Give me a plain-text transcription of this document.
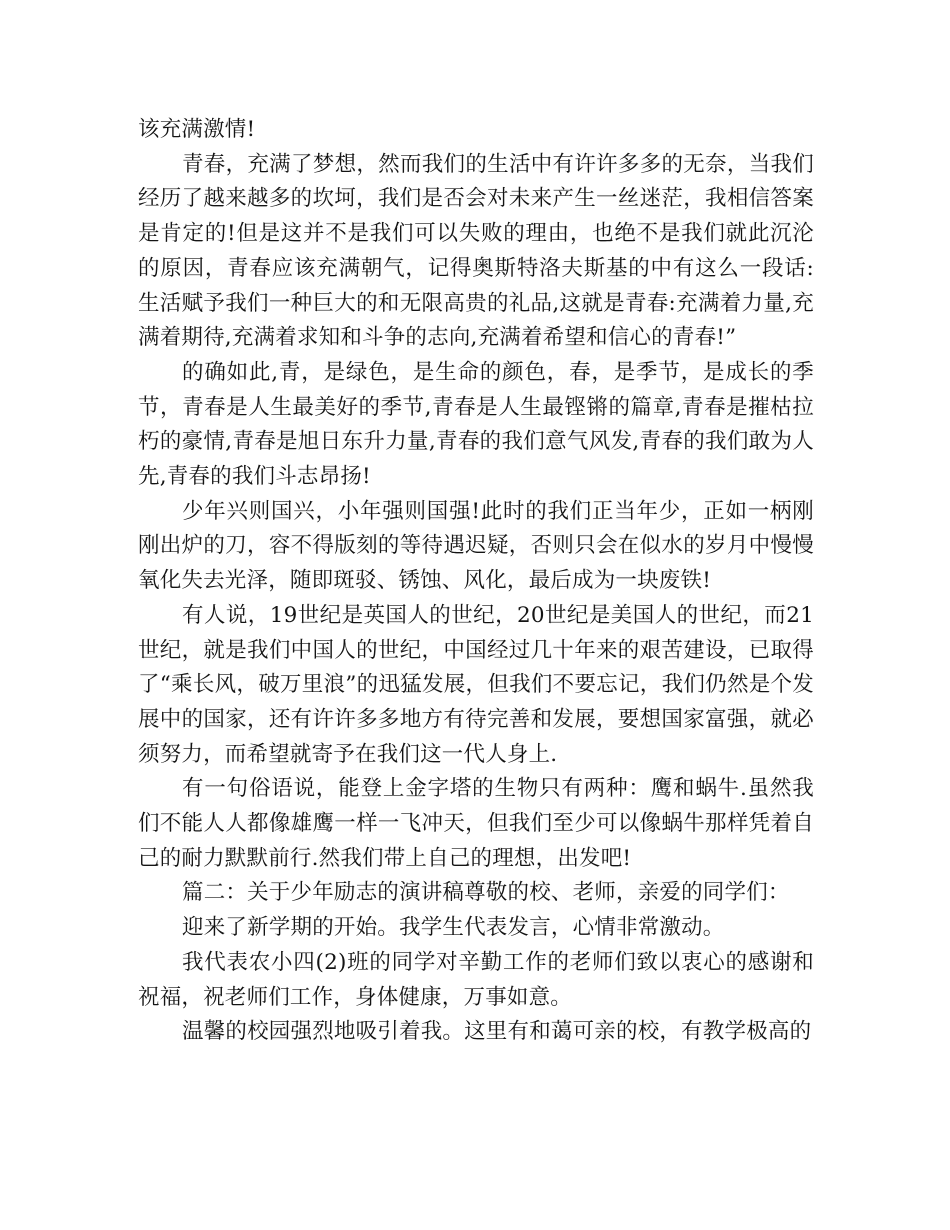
该充满激情!

青春，充满了梦想，然而我们的生活中有许许多多的无奈，当我们经历了越来越多的坎坷，我们是否会对未来产生一丝迷茫，我相信答案是肯定的!但是这并不是我们可以失败的理由，也绝不是我们就此沉沦的原因，青春应该充满朝气，记得奥斯特洛夫斯基的中有这么一段话:生活赋予我们一种巨大的和无限高贵的礼品,这就是青春:充满着力量,充满着期待,充满着求知和斗争的志向,充满着希望和信心的青春!”

的确如此,青，是绿色，是生命的颜色，春，是季节，是成长的季节，青春是人生最美好的季节,青春是人生最铿锵的篇章,青春是摧枯拉朽的豪情,青春是旭日东升力量,青春的我们意气风发,青春的我们敢为人先,青春的我们斗志昂扬!

少年兴则国兴，小年强则国强!此时的我们正当年少，正如一柄刚刚出炉的刀，容不得版刻的等待遇迟疑，否则只会在似水的岁月中慢慢氧化失去光泽，随即斑驳、锈蚀、风化，最后成为一块废铁!

有人说，19世纪是英国人的世纪，20世纪是美国人的世纪，而21世纪，就是我们中国人的世纪，中国经过几十年来的艰苦建设，已取得了“乘长风，破万里浪”的迅猛发展，但我们不要忘记，我们仍然是个发展中的国家，还有许许多多地方有待完善和发展，要想国家富强，就必须努力，而希望就寄予在我们这一代人身上.

有一句俗语说，能登上金字塔的生物只有两种：鹰和蜗牛.虽然我们不能人人都像雄鹰一样一飞冲天，但我们至少可以像蜗牛那样凭着自己的耐力默默前行.然我们带上自己的理想，出发吧!

篇二：关于少年励志的演讲稿尊敬的校、老师，亲爱的同学们：

迎来了新学期的开始。我学生代表发言，心情非常激动。

我代表农小四(2)班的同学对辛勤工作的老师们致以衷心的感谢和祝福，祝老师们工作，身体健康，万事如意。

温馨的校园强烈地吸引着我。这里有和蔼可亲的校，有教学极高的
